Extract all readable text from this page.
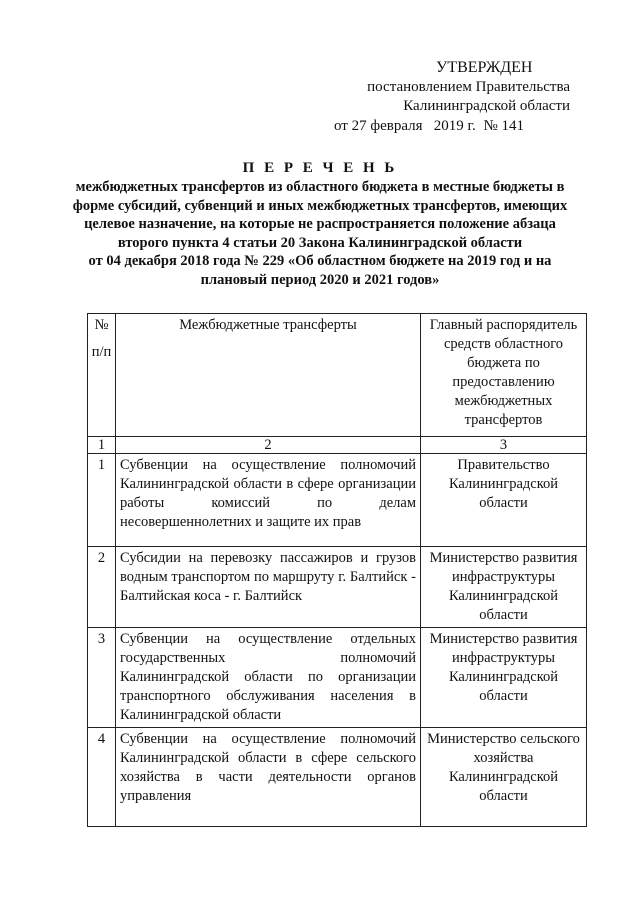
УТВЕРЖДЕН
постановлением Правительства
Калининградской области
от 27 февраля 2019 г. № 141
П Е Р Е Ч Е Н Ь
межбюджетных трансфертов из областного бюджета в местные бюджеты в
форме субсидий, субвенций и иных межбюджетных трансфертов, имеющих
целевое назначение, на которые не распространяется положение абзаца
второго пункта 4 статьи 20 Закона Калининградской области
от 04 декабря 2018 года № 229 «Об областном бюджете на 2019 год и на
плановый период 2020 и 2021 годов»
№
п/п	Межбюджетные трансферты	Главный распорядитель средств областного бюджета по предоставлению межбюджетных трансфертов
1	2	3
1	Субвенции на осуществление полномочий Калининградской области в сфере организации работы комиссий по делам несовершеннолетних и защите их прав	Правительство Калининградской области
2	Субсидии на перевозку пассажиров и грузов водным транспортом по маршруту г. Балтийск - Балтийская коса - г. Балтийск	Министерство развития инфраструктуры Калининградской области
3	Субвенции на осуществление отдельных государственных полномочий Калининградской области по организации транспортного обслуживания населения в Калининградской области	Министерство развития инфраструктуры Калининградской области
4	Субвенции на осуществление полномочий Калининградской области в сфере сельского хозяйства в части деятельности органов управления	Министерство сельского хозяйства Калининградской области
